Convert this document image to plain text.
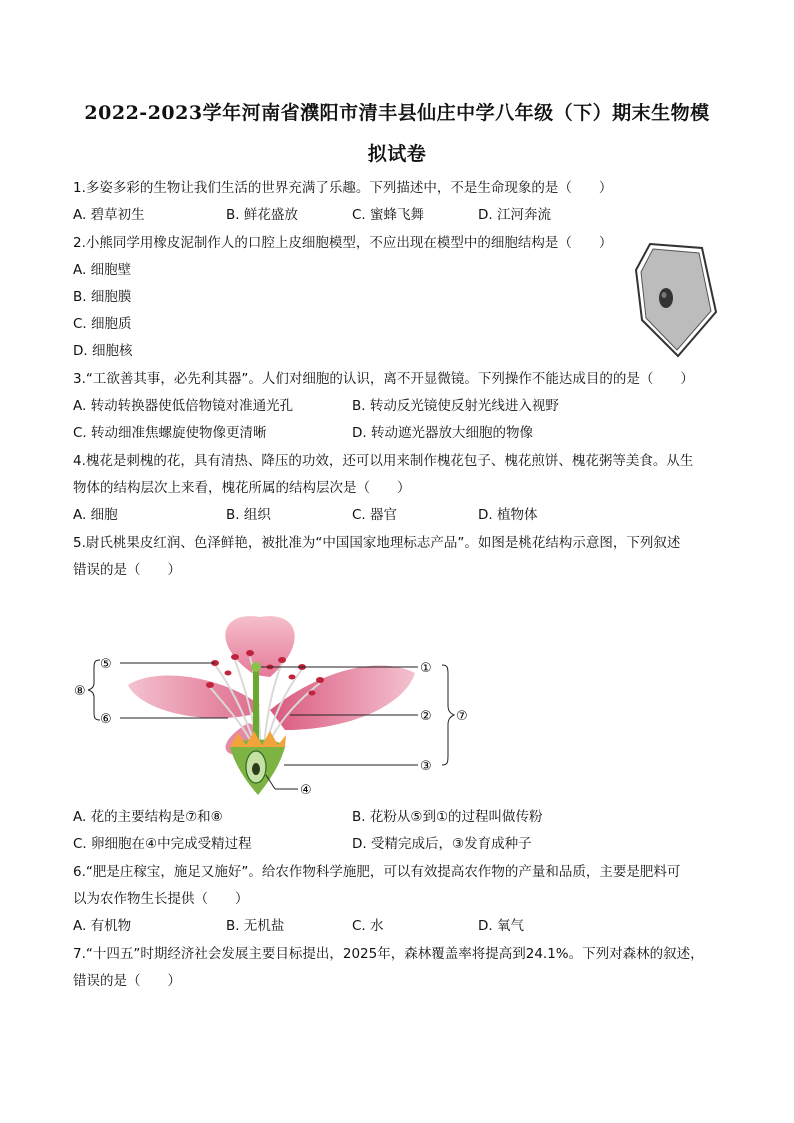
2022-2023学年河南省濮阳市清丰县仙庄中学八年级（下）期末生物模
拟试卷
1.多姿多彩的生物让我们生活的世界充满了乐趣。下列描述中，不是生命现象的是（　　）
A. 碧草初生	B. 鲜花盛放	C. 蜜蜂飞舞	D. 江河奔流
2.小熊同学用橡皮泥制作人的口腔上皮细胞模型，不应出现在模型中的细胞结构是（　　）
A. 细胞壁
B. 细胞膜
C. 细胞质
D. 细胞核
3.“工欲善其事，必先利其器”。人们对细胞的认识，离不开显微镜。下列操作不能达成目的的是（　　）
A. 转动转换器使低倍物镜对准通光孔	B. 转动反光镜使反射光线进入视野
C. 转动细准焦螺旋使物像更清晰	D. 转动遮光器放大细胞的物像
4.槐花是刺槐的花，具有清热、降压的功效，还可以用来制作槐花包子、槐花煎饼、槐花粥等美食。从生
物体的结构层次上来看，槐花所属的结构层次是（　　）
A. 细胞	B. 组织	C. 器官	D. 植物体
5.尉氏桃果皮红润、色泽鲜艳，被批准为“中国国家地理标志产品”。如图是桃花结构示意图，下列叙述
错误的是（　　）
⑤
⑥
⑧
①
②
③
⑦
④
A. 花的主要结构是⑦和⑧	B. 花粉从⑤到①的过程叫做传粉
C. 卵细胞在④中完成受精过程	D. 受精完成后，③发育成种子
6.“肥是庄稼宝，施足又施好”。给农作物科学施肥，可以有效提高农作物的产量和品质，主要是肥料可
以为农作物生长提供（　　）
A. 有机物	B. 无机盐	C. 水	D. 氧气
7.“十四五”时期经济社会发展主要目标提出，2025年，森林覆盖率将提高到24.1%。下列对森林的叙述，
错误的是（　　）
